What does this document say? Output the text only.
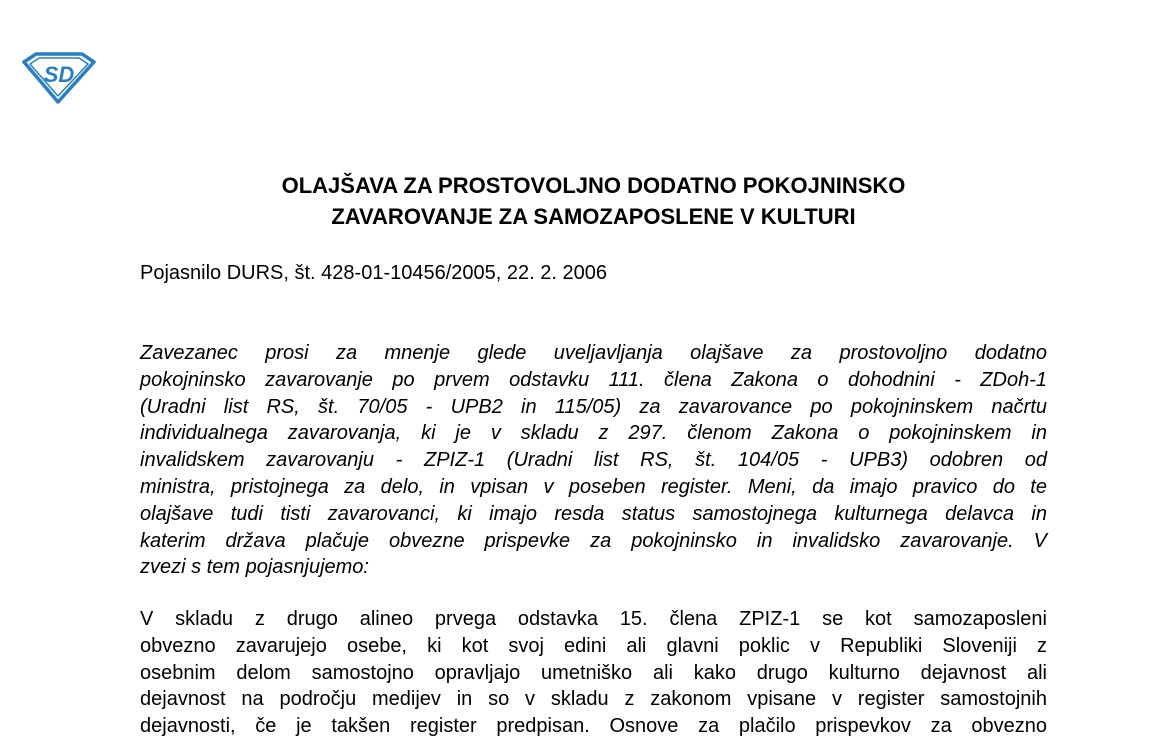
SD
OLAJŠAVA ZA PROSTOVOLJNO DODATNO POKOJNINSKO
ZAVAROVANJE ZA SAMOZAPOSLENE V KULTURI

Pojasnilo DURS, št. 428-01-10456/2005, 22. 2. 2006

Zavezanec prosi za mnenje glede uveljavljanja olajšave za prostovoljno dodatno
pokojninsko zavarovanje po prvem odstavku 111. člena Zakona o dohodnini - ZDoh-1
(Uradni list RS, št. 70/05 - UPB2 in 115/05) za zavarovance po pokojninskem načrtu
individualnega zavarovanja, ki je v skladu z 297. členom Zakona o pokojninskem in
invalidskem zavarovanju - ZPIZ-1 (Uradni list RS, št. 104/05 - UPB3) odobren od
ministra, pristojnega za delo, in vpisan v poseben register. Meni, da imajo pravico do te
olajšave tudi tisti zavarovanci, ki imajo resda status samostojnega kulturnega delavca in
katerim država plačuje obvezne prispevke za pokojninsko in invalidsko zavarovanje. V
zvezi s tem pojasnjujemo:
V skladu z drugo alineo prvega odstavka 15. člena ZPIZ-1 se kot samozaposleni
obvezno zavarujejo osebe, ki kot svoj edini ali glavni poklic v Republiki Sloveniji z
osebnim delom samostojno opravljajo umetniško ali kako drugo kulturno dejavnost ali
dejavnost na področju medijev in so v skladu z zakonom vpisane v register samostojnih
dejavnosti, če je takšen register predpisan. Osnove za plačilo prispevkov za obvezno
